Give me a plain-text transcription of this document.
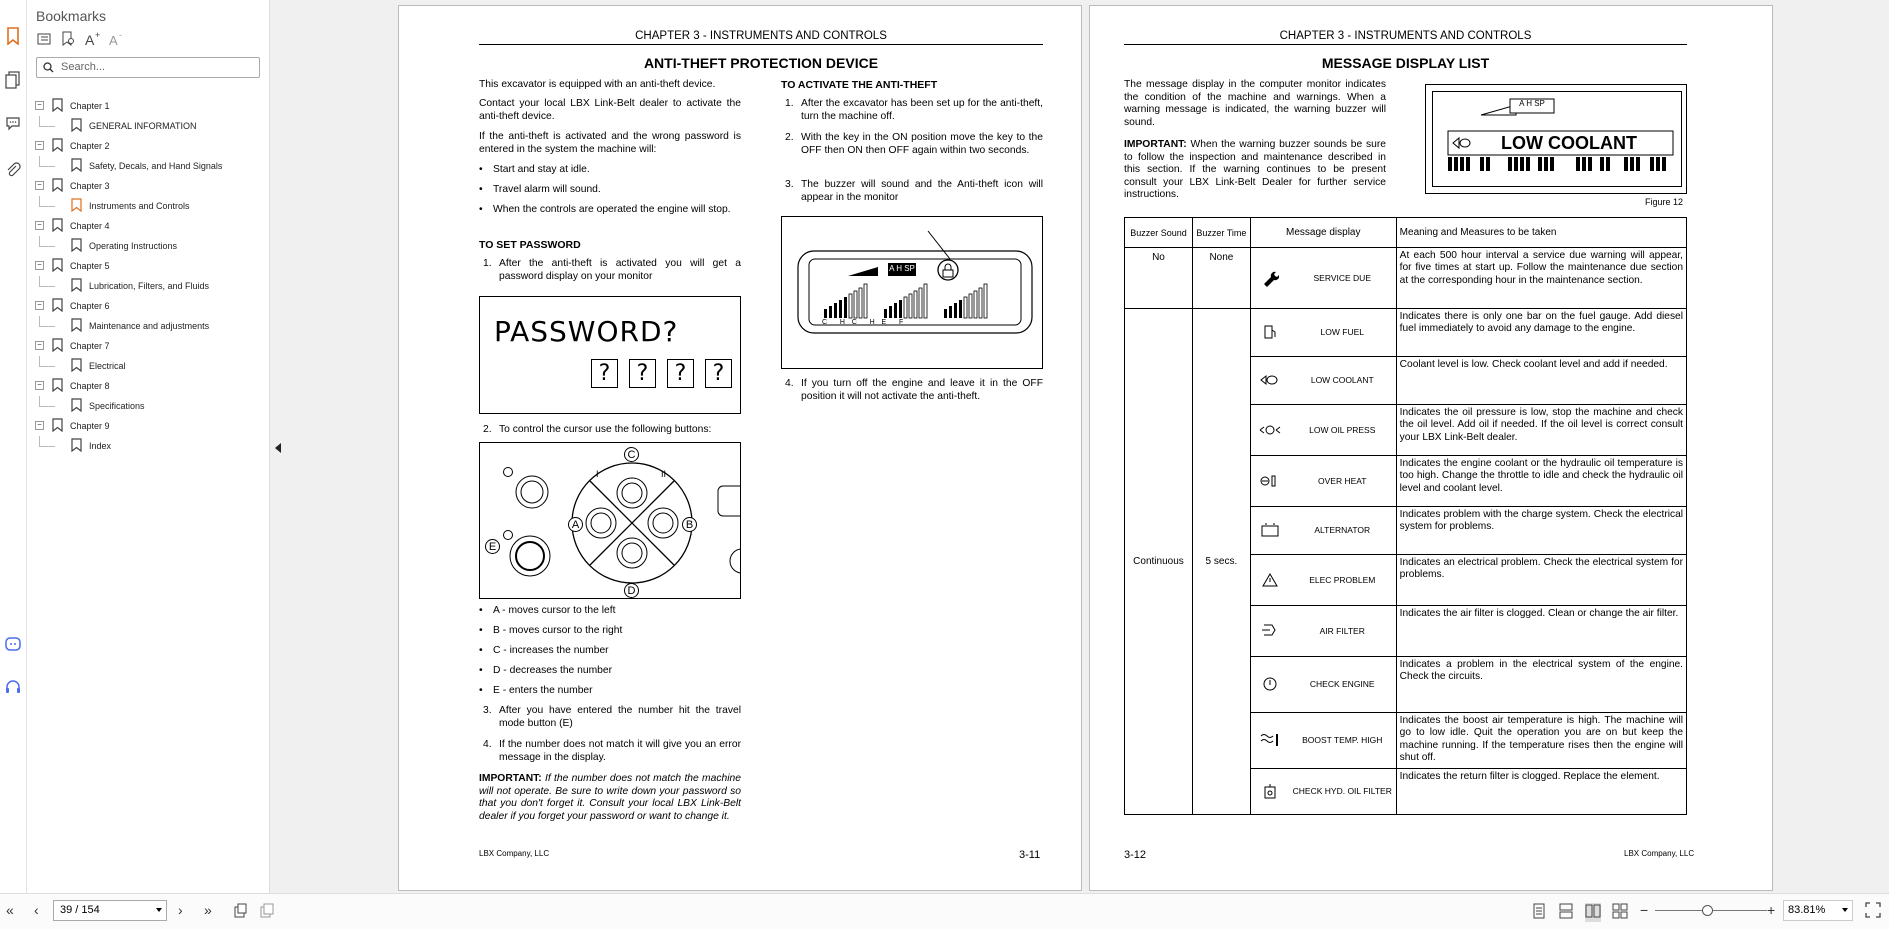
Bookmarks
A + A -
Search...
−	Chapter 1
GENERAL INFORMATION
−	Chapter 2
Safety, Decals, and Hand Signals
−	Chapter 3
Instruments and Controls
−	Chapter 4
Operating Instructions
−	Chapter 5
Lubrication, Filters, and Fluids
−	Chapter 6
Maintenance and adjustments
−	Chapter 7
Electrical
−	Chapter 8
Specifications
−	Chapter 9
Index
CHAPTER 3 - INSTRUMENTS AND CONTROLS
ANTI-THEFT PROTECTION DEVICE
This excavator is equipped with an anti-theft device.
Contact your local LBX Link-Belt dealer to activate the anti-theft device.
If the anti-theft is activated and the wrong password is entered in the system the machine will:
• Start and stay at idle.
• Travel alarm will sound.
• When the controls are operated the engine will stop.
TO SET PASSWORD
1. After the anti-theft is activated you will get a password display on your monitor
PASSWORD?
?	?	?	?
2. To control the cursor use the following buttons:
A	B
C
D
E
I	II
• A - moves cursor to the left
• B - moves cursor to the right
• C - increases the number
• D - decreases the number
• E - enters the number
3. After you have entered the number hit the travel mode button (E)
4. If the number does not match it will give you an error message in the display.
IMPORTANT: If the number does not match the machine will not operate. Be sure to write down your password so that you don't forget it. Consult your local LBX Link-Belt dealer if you forget your password or want to change it.
TO ACTIVATE THE ANTI-THEFT
1. After the excavator has been set up for the anti-theft, turn the machine off.
2. With the key in the ON position move the key to the OFF then ON then OFF again within two seconds.
3. The buzzer will sound and the Anti-theft icon will appear in the monitor
A H SP
C    H  C    H  E    F
4. If you turn off the engine and leave it in the OFF position it will not activate the anti-theft.
LBX Company, LLC	3-11
CHAPTER 3 - INSTRUMENTS AND CONTROLS
MESSAGE DISPLAY LIST
The message display in the computer monitor indicates the condition of the machine and warnings. When a warning message is indicated, the warning buzzer will sound.
IMPORTANT: When the warning buzzer sounds be sure to follow the inspection and maintenance described in this section. If the warning continues to be present consult your LBX Link-Belt Dealer for further service instructions.
A H SP
LOW COOLANT
Figure 12
Buzzer Sound	Buzzer Time	Message display	Meaning and Measures to be taken
No	None	SERVICE DUE	At each 500 hour interval a service due warning will appear, for five times at start up. Follow the maintenance due section at the corresponding hour in the maintenance section.
Continuous	5 secs.	LOW FUEL	Indicates there is only one bar on the fuel gauge. Add diesel fuel immediately to avoid any damage to the engine.

		LOW COOLANT	Coolant level is low. Check coolant level and add if needed.

		LOW OIL PRESS	Indicates the oil pressure is low, stop the machine and check the oil level. Add oil if needed. If the oil level is correct consult your LBX Link-Belt dealer.

		OVER HEAT	Indicates the engine coolant or the hydraulic oil temperature is too high. Change the throttle to idle and check the hydraulic oil level and coolant level.

		ALTERNATOR	Indicates problem with the charge system. Check the electrical system for problems.

		ELEC PROBLEM	Indicates an electrical problem. Check the electrical system for problems.

		AIR FILTER	Indicates the air filter is clogged. Clean or change the air filter.

		CHECK ENGINE	Indicates a problem in the electrical system of the engine. Check the circuits.

		BOOST TEMP. HIGH	Indicates the boost air temperature is high. The machine will go to low idle. Quit the operation you are on but keep the machine running. If the temperature rises then the engine will shut off.

		CHECK HYD. OIL FILTER	Indicates the return filter is clogged. Replace the element.
3-12	LBX Company, LLC
« ‹	39 / 154	› »	−	+	83.81%
